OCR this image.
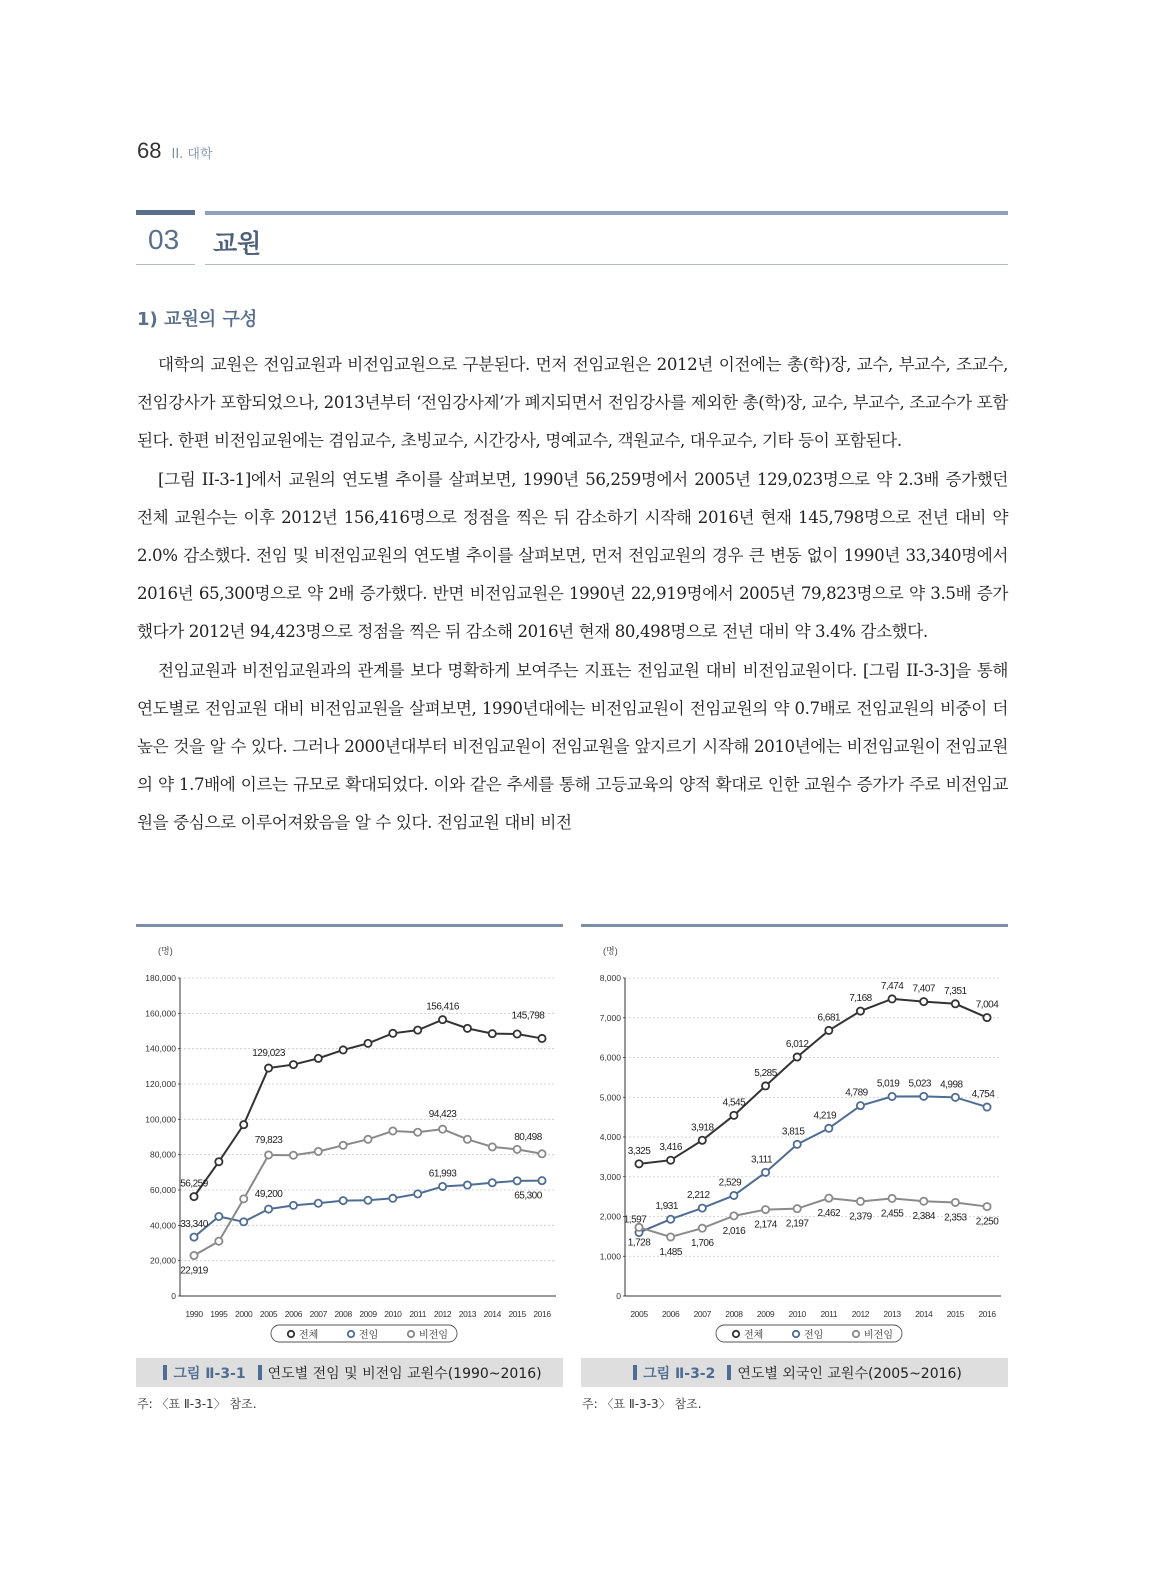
68 II. 대학
03 교원
1) 교원의 구성

대학의 교원은 전임교원과 비전임교원으로 구분된다. 먼저 전임교원은 2012년 이전에는 총(학)장, 교수, 부교수, 조교수, 전임강사가 포함되었으나, 2013년부터 ‘전임강사제’가 폐지되면서 전임강사를 제외한 총(학)장, 교수, 부교수, 조교수가 포함된다. 한편 비전임교원에는 겸임교수, 초빙교수, 시간강사, 명예교수, 객원교수, 대우교수, 기타 등이 포함된다.

[그림 II-3-1]에서 교원의 연도별 추이를 살펴보면, 1990년 56,259명에서 2005년 129,023명으로 약 2.3배 증가했던 전체 교원수는 이후 2012년 156,416명으로 정점을 찍은 뒤 감소하기 시작해 2016년 현재 145,798명으로 전년 대비 약 2.0% 감소했다. 전임 및 비전임교원의 연도별 추이를 살펴보면, 먼저 전임교원의 경우 큰 변동 없이 1990년 33,340명에서 2016년 65,300명으로 약 2배 증가했다. 반면 비전임교원은 1990년 22,919명에서 2005년 79,823명으로 약 3.5배 증가했다가 2012년 94,423명으로 정점을 찍은 뒤 감소해 2016년 현재 80,498명으로 전년 대비 약 3.4% 감소했다.

전임교원과 비전임교원과의 관계를 보다 명확하게 보여주는 지표는 전임교원 대비 비전임교원이다. [그림 II-3-3]을 통해 연도별로 전임교원 대비 비전임교원을 살펴보면, 1990년대에는 비전임교원이 전임교원의 약 0.7배로 전임교원의 비중이 더 높은 것을 알 수 있다. 그러나 2000년대부터 비전임교원이 전임교원을 앞지르기 시작해 2010년에는 비전임교원이 전임교원의 약 1.7배에 이르는 규모로 확대되었다. 이와 같은 추세를 통해 고등교육의 양적 확대로 인한 교원수 증가가 주로 비전임교원을 중심으로 이루어져왔음을 알 수 있다. 전임교원 대비 비전

(명)
0
20,000
40,000
60,000
80,000
100,000
120,000
140,000
160,000
180,000
1990 1995 2000 2005 2006 2007 2008 2009 2010 2011 2012 2013 2014 2015 2016
56,259
129,023
156,416
145,798
33,340
49,200
61,993
65,300
22,919
79,823
94,423
80,498
전체	전임	비전임
그림 Ⅱ-3-1 연도별 전임 및 비전임 교원수(1990~2016)
주: 〈표 Ⅱ-3-1〉 참조.
(명)
0
1,000
2,000
3,000
4,000
5,000
6,000
7,000
8,000
2005 2006 2007 2008 2009 2010 2011 2012 2013 2014 2015 2016
3,325 3,416
3,918
4,545
5,285
6,012
6,681
7,168
7,474 7,407 7,351
7,004
1,597
1,931
2,212
2,529
3,111
3,815
4,219
4,789
5,019 5,023 4,998
4,754
1,728
1,485
1,706
2,016
2,174 2,197
2,462 2,379 2,455 2,384 2,353 2,250
전체	전임	비전임
그림 Ⅱ-3-2 연도별 외국인 교원수(2005~2016)
주: 〈표 Ⅱ-3-3〉 참조.
